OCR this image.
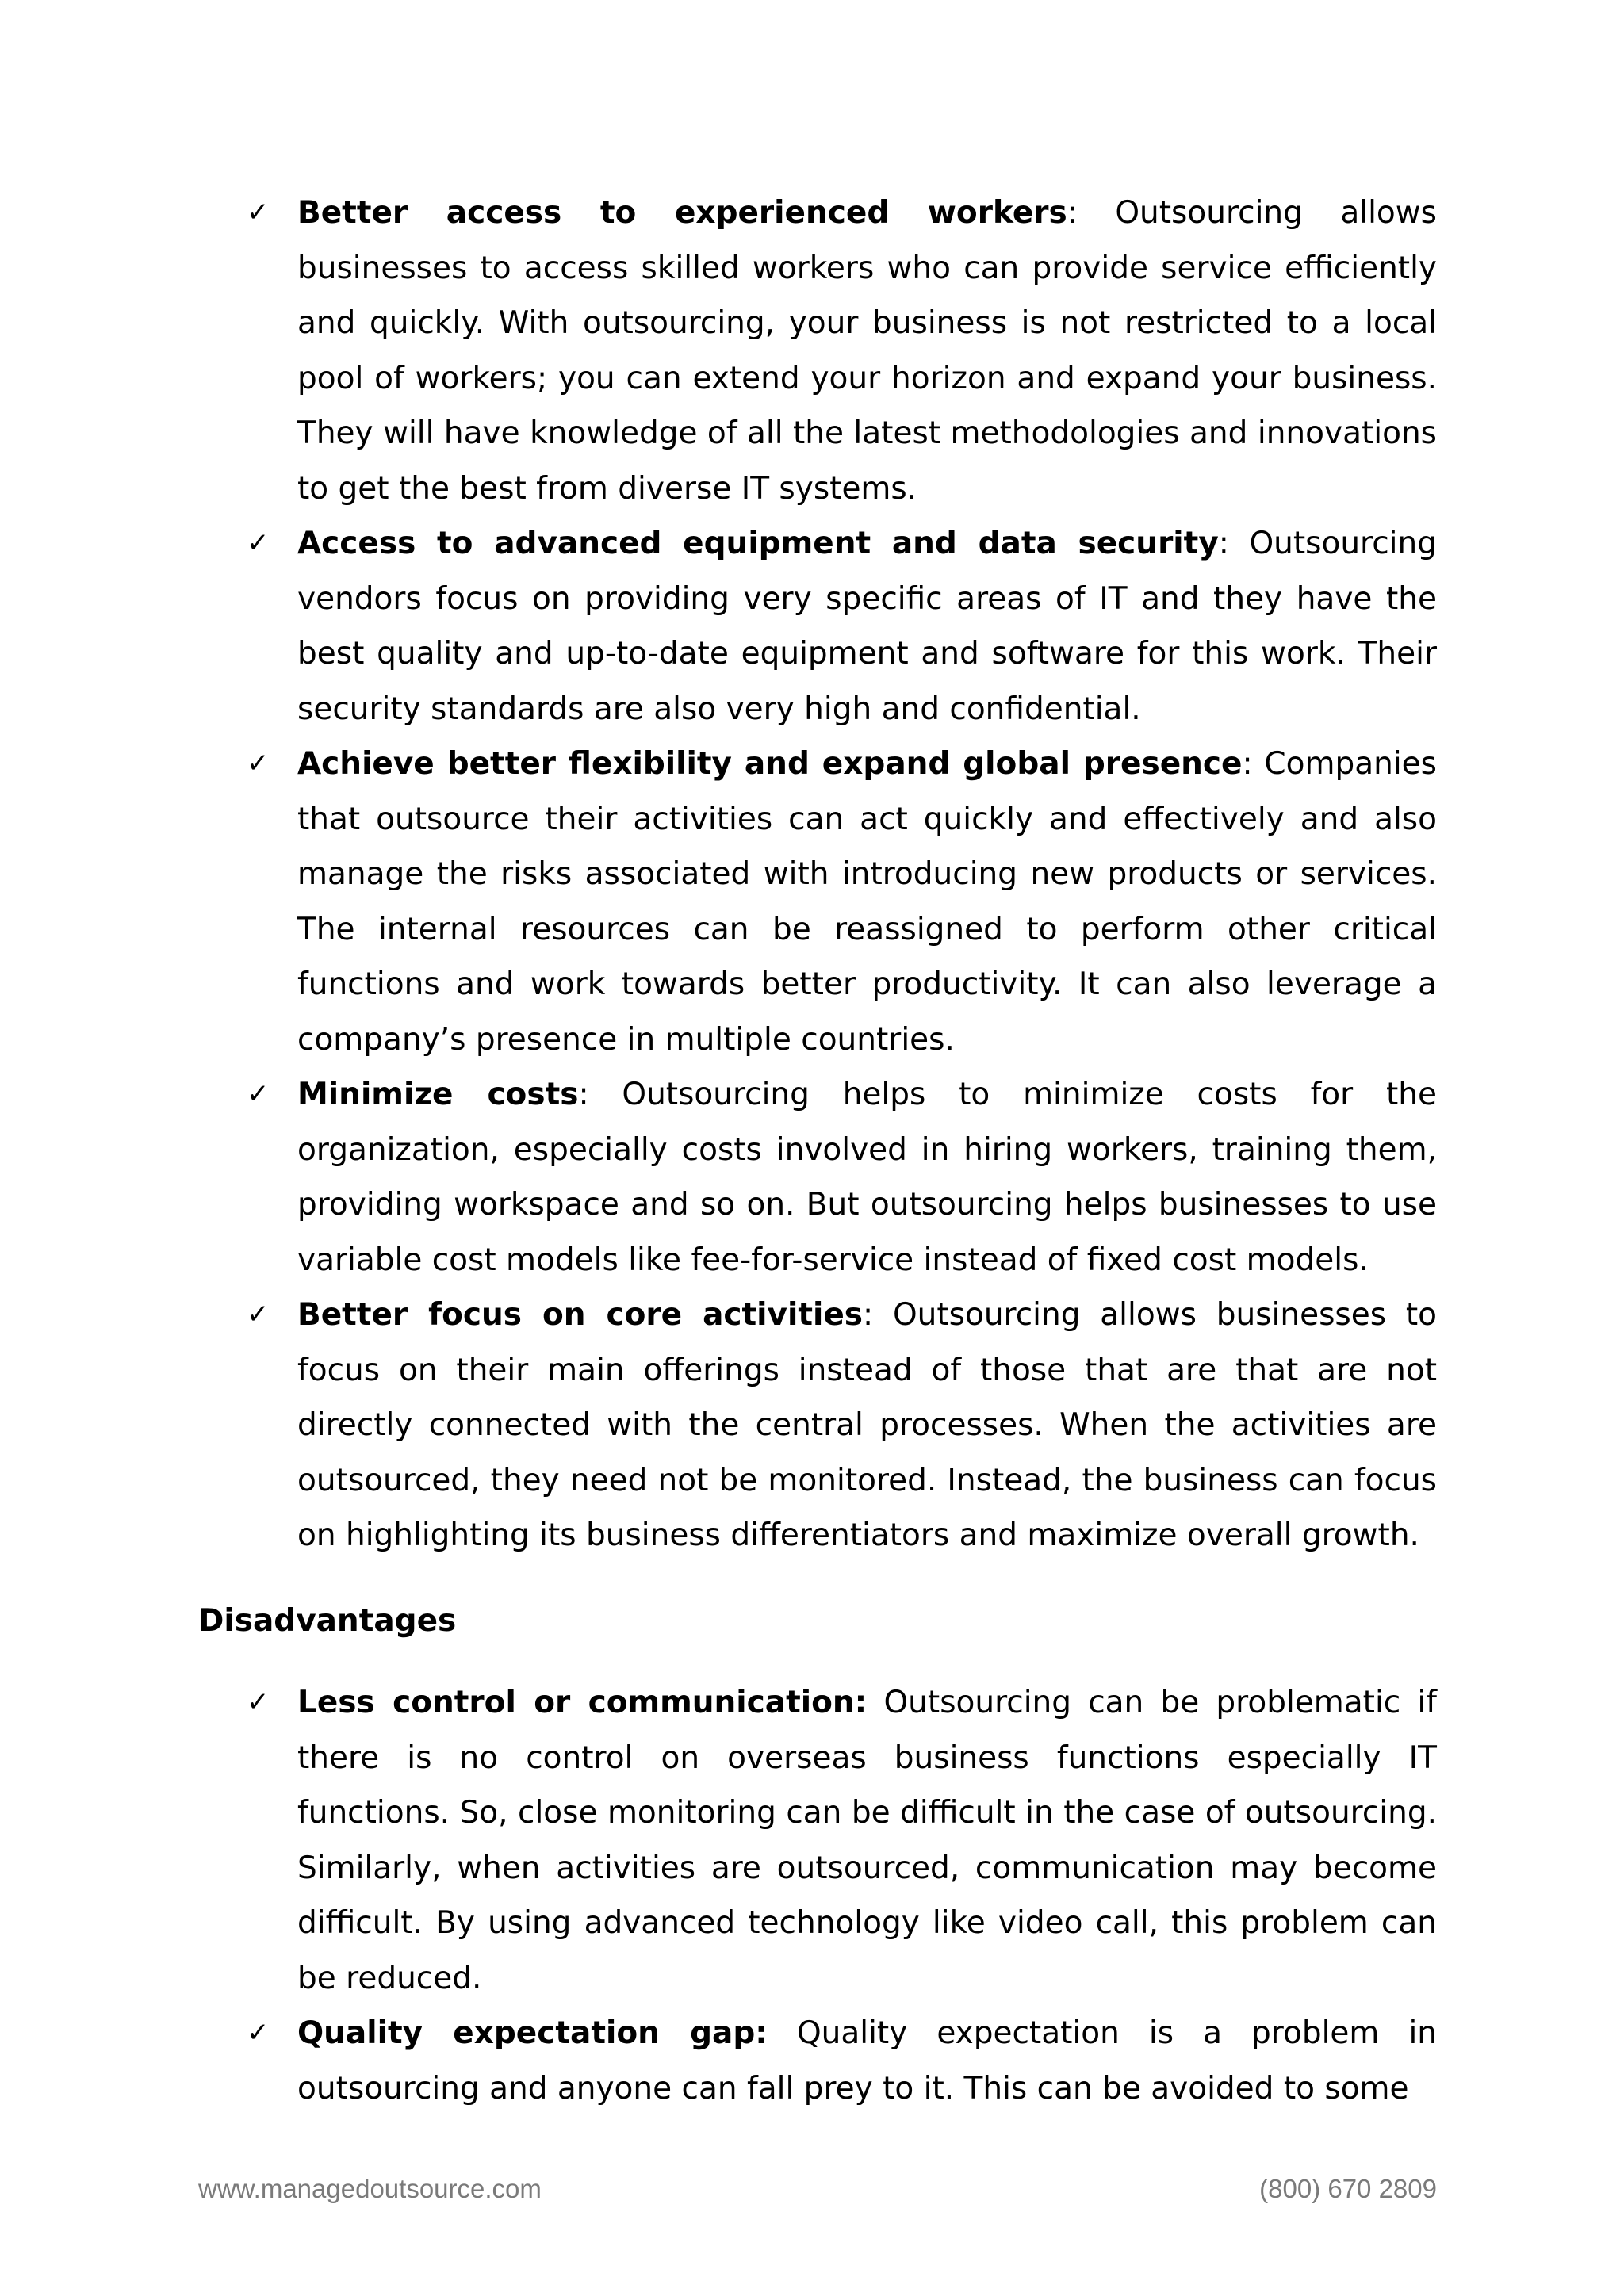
✓ Better access to experienced workers: Outsourcing allows businesses to access skilled workers who can provide service efficiently and quickly. With outsourcing, your business is not restricted to a local pool of workers; you can extend your horizon and expand your business. They will have knowledge of all the latest methodologies and innovations to get the best from diverse IT systems.
✓ Access to advanced equipment and data security: Outsourcing vendors focus on providing very specific areas of IT and they have the best quality and up-to-date equipment and software for this work. Their security standards are also very high and confidential.
✓ Achieve better flexibility and expand global presence: Companies that outsource their activities can act quickly and effectively and also manage the risks associated with introducing new products or services. The internal resources can be reassigned to perform other critical functions and work towards better productivity. It can also leverage a company’s presence in multiple countries.
✓ Minimize costs: Outsourcing helps to minimize costs for the organization, especially costs involved in hiring workers, training them, providing workspace and so on. But outsourcing helps businesses to use variable cost models like fee-for-service instead of fixed cost models.
✓ Better focus on core activities: Outsourcing allows businesses to focus on their main offerings instead of those that are that are not directly connected with the central processes. When the activities are outsourced, they need not be monitored. Instead, the business can focus on highlighting its business differentiators and maximize overall growth.
Disadvantages
✓ Less control or communication: Outsourcing can be problematic if there is no control on overseas business functions especially IT functions. So, close monitoring can be difficult in the case of outsourcing. Similarly, when activities are outsourced, communication may become difficult. By using advanced technology like video call, this problem can be reduced.
✓ Quality expectation gap: Quality expectation is a problem in outsourcing and anyone can fall prey to it. This can be avoided to some
www.managedoutsource.com	(800) 670 2809
